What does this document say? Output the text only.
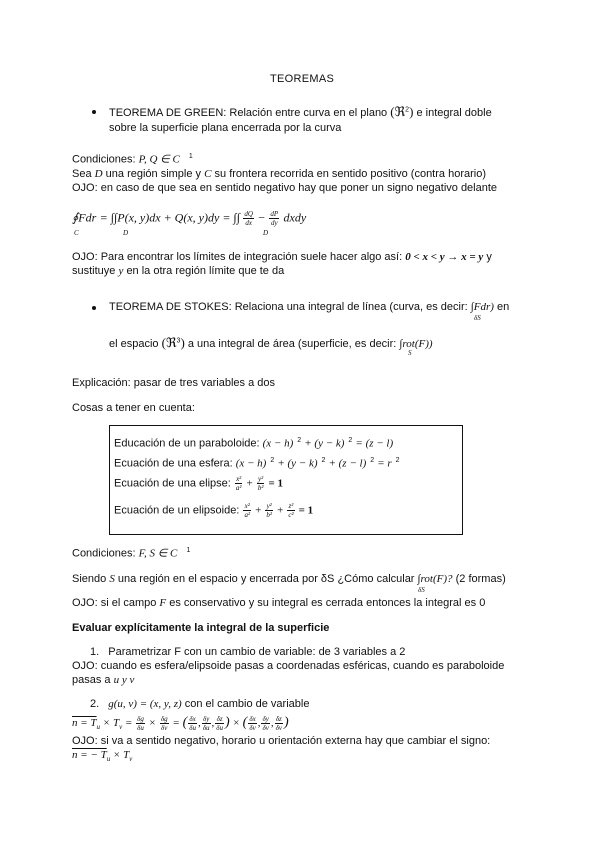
TEOREMAS
TEOREMA DE GREEN: Relación entre curva en el plano (ℜ$^2$) e integral doble
sobre la superficie plana encerrada por la curva
Condiciones: P, Q ∈ C $^1$
Sea D una región simple y C su frontera recorrida en sentido positivo (contra horario)
OJO: en caso de que sea en sentido negativo hay que poner un signo negativo delante
∮Fdr = ∫∫P(x, y)dx + Q(x, y)dy = ∫∫ $\frac{dQ}{dx} - \frac{dP}{dy}$ dxdy
C	D	D
OJO: Para encontrar los límites de integración suele hacer algo así: 0 < x < y → x = y y
sustituye y en la otra región límite que te da
TEOREMA DE STOKES: Relaciona una integral de línea (curva, es decir: ∫Fdr) en
δS
el espacio (ℜ$^3$) a una integral de área (superficie, es decir: ∫rot(F))
S
Explicación: pasar de tres variables a dos
Cosas a tener en cuenta:
Educación de un paraboloide: (x − h) $^2$ + (y − k) $^2$ = (z − l)
Ecuación de una esfera: (x − h) $^2$ + (y − k) $^2$ + (z − l) $^2$ = r $^2$
Ecuación de una elipse: $\frac{\text{x²}}{\text{a²}} + \frac{\text{y²}}{\text{b²}} = 1$
Ecuación de un elipsoide: $\frac{\text{x²}}{\text{a²}} + \frac{\text{y²}}{\text{b²}} + \frac{\text{z²}}{\text{c²}} = 1$
Condiciones: F, S ∈ C $^1$
Siendo S una región en el espacio y encerrada por δS ¿Cómo calcular ∫rot(F)? (2 formas)
δS
OJO: si el campo F es conservativo y su integral es cerrada entonces la integral es 0
Evaluar explícitamente la integral de la superficie
1. Parametrizar F con un cambio de variable: de 3 variables a 2
OJO: cuando es esfera/elipsoide pasas a coordenadas esféricas, cuando es paraboloide
pasas a u y v
2. g(u, v) = (x, y, z) con el cambio de variable
$n = T_u \times T_v = \frac{\delta g}{\delta u} \times \frac{\delta g}{\delta v}$ = ( $\frac{\delta x}{\delta u}$ , $\frac{\delta y}{\delta u}$ , $\frac{\delta z}{\delta u}$ ) × ( $\frac{\delta x}{\delta v}$ , $\frac{\delta y}{\delta v}$ , $\frac{\delta z}{\delta v}$ )
OJO: si va a sentido negativo, horario u orientación externa hay que cambiar el signo:
n = − $T_u \times T_v$
